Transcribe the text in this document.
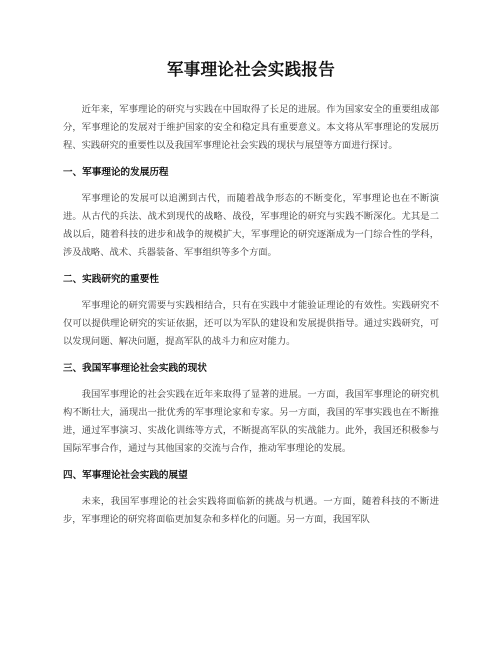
军事理论社会实践报告

近年来，军事理论的研究与实践在中国取得了长足的进展。作为国家安全的重要组成部分，军事理论的发展对于维护国家的安全和稳定具有重要意义。本文将从军事理论的发展历程、实践研究的重要性以及我国军事理论社会实践的现状与展望等方面进行探讨。

一、军事理论的发展历程

军事理论的发展可以追溯到古代，而随着战争形态的不断变化，军事理论也在不断演进。从古代的兵法、战术到现代的战略、战役，军事理论的研究与实践不断深化。尤其是二战以后，随着科技的进步和战争的规模扩大，军事理论的研究逐渐成为一门综合性的学科，涉及战略、战术、兵器装备、军事组织等多个方面。

二、实践研究的重要性

军事理论的研究需要与实践相结合，只有在实践中才能验证理论的有效性。实践研究不仅可以提供理论研究的实证依据，还可以为军队的建设和发展提供指导。通过实践研究，可以发现问题、解决问题，提高军队的战斗力和应对能力。

三、我国军事理论社会实践的现状

我国军事理论的社会实践在近年来取得了显著的进展。一方面，我国军事理论的研究机构不断壮大，涌现出一批优秀的军事理论家和专家。另一方面，我国的军事实践也在不断推进，通过军事演习、实战化训练等方式，不断提高军队的实战能力。此外，我国还积极参与国际军事合作，通过与其他国家的交流与合作，推动军事理论的发展。

四、军事理论社会实践的展望

未来，我国军事理论的社会实践将面临新的挑战与机遇。一方面，随着科技的不断进步，军事理论的研究将面临更加复杂和多样化的问题。另一方面，我国军队
